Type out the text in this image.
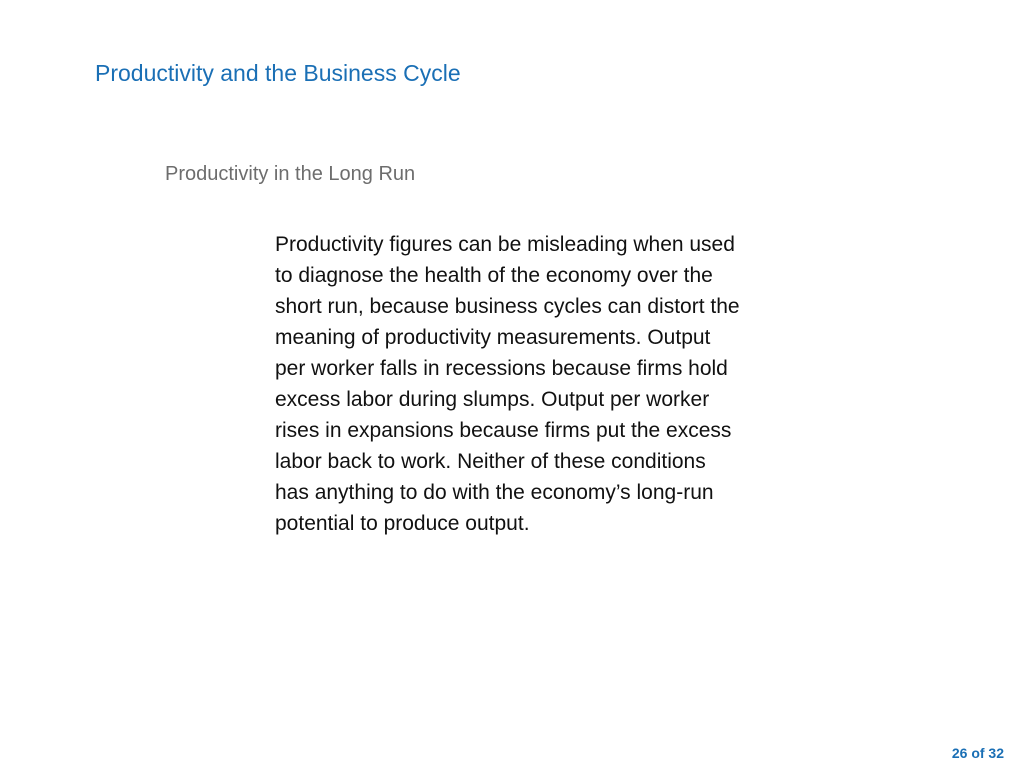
Productivity and the Business Cycle
Productivity in the Long Run

Productivity figures can be misleading when used
to diagnose the health of the economy over the
short run, because business cycles can distort the
meaning of productivity measurements. Output
per worker falls in recessions because firms hold
excess labor during slumps. Output per worker
rises in expansions because firms put the excess
labor back to work. Neither of these conditions
has anything to do with the economy’s long-run
potential to produce output.

26 of 32
